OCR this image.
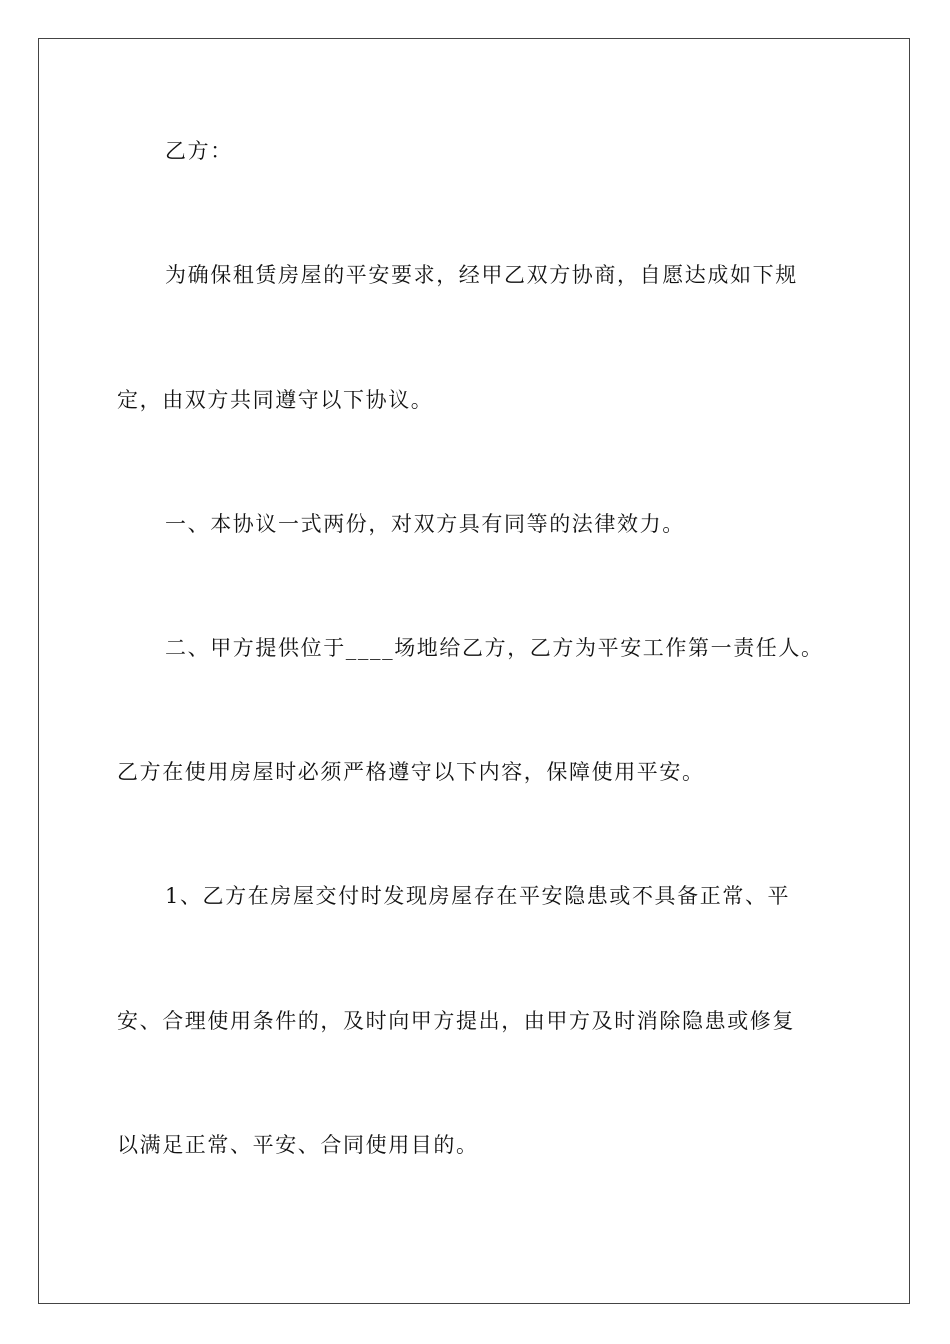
乙方：

为确保租赁房屋的平安要求，经甲乙双方协商，自愿达成如下规

定，由双方共同遵守以下协议。

一、本协议一式两份，对双方具有同等的法律效力。

二、甲方提供位于____场地给乙方，乙方为平安工作第一责任人。

乙方在使用房屋时必须严格遵守以下内容，保障使用平安。

1、乙方在房屋交付时发现房屋存在平安隐患或不具备正常、平

安、合理使用条件的，及时向甲方提出，由甲方及时消除隐患或修复

以满足正常、平安、合同使用目的。
